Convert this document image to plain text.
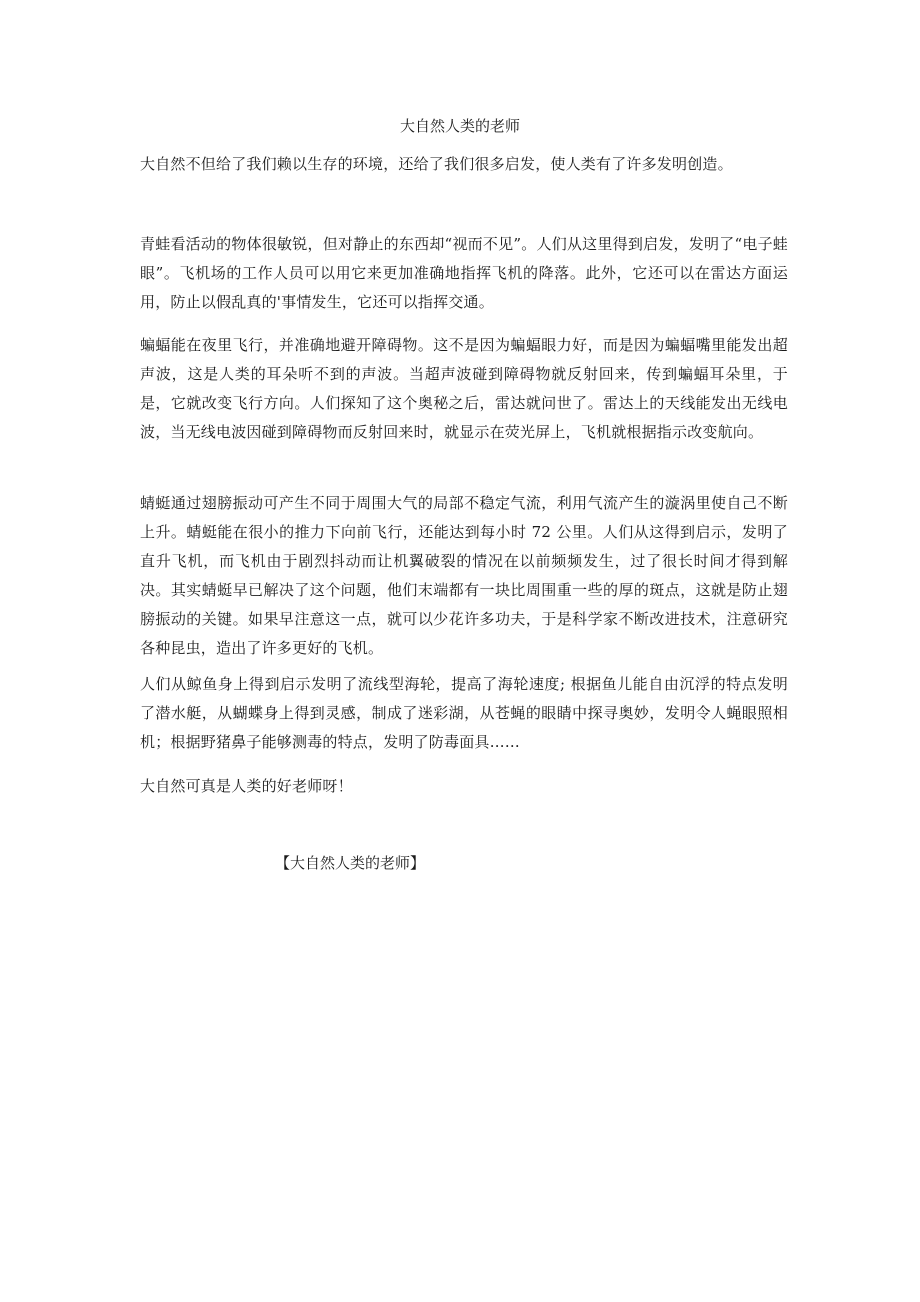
大自然人类的老师

大自然不但给了我们赖以生存的环境，还给了我们很多启发，使人类有了许多发明创造。

青蛙看活动的物体很敏锐，但对静止的东西却“视而不见”。人们从这里得到启发，发明了“电子蛙眼”。飞机场的工作人员可以用它来更加准确地指挥飞机的降落。此外，它还可以在雷达方面运用，防止以假乱真的'事情发生，它还可以指挥交通。

蝙蝠能在夜里飞行，并准确地避开障碍物。这不是因为蝙蝠眼力好，而是因为蝙蝠嘴里能发出超声波，这是人类的耳朵听不到的声波。当超声波碰到障碍物就反射回来，传到蝙蝠耳朵里，于是，它就改变飞行方向。人们探知了这个奥秘之后，雷达就问世了。雷达上的天线能发出无线电波，当无线电波因碰到障碍物而反射回来时，就显示在荧光屏上，飞机就根据指示改变航向。

蜻蜓通过翅膀振动可产生不同于周围大气的局部不稳定气流，利用气流产生的漩涡里使自己不断上升。蜻蜓能在很小的推力下向前飞行，还能达到每小时 72 公里。人们从这得到启示，发明了直升飞机，而飞机由于剧烈抖动而让机翼破裂的情况在以前频频发生，过了很长时间才得到解决。其实蜻蜓早已解决了这个问题，他们末端都有一块比周围重一些的厚的斑点，这就是防止翅膀振动的关键。如果早注意这一点，就可以少花许多功夫，于是科学家不断改进技术，注意研究各种昆虫，造出了许多更好的飞机。

人们从鲸鱼身上得到启示发明了流线型海轮，提高了海轮速度; 根据鱼儿能自由沉浮的特点发明了潜水艇，从蝴蝶身上得到灵感，制成了迷彩湖，从苍蝇的眼睛中探寻奥妙，发明令人蝇眼照相机；根据野猪鼻子能够测毒的特点，发明了防毒面具……

大自然可真是人类的好老师呀！

【大自然人类的老师】
